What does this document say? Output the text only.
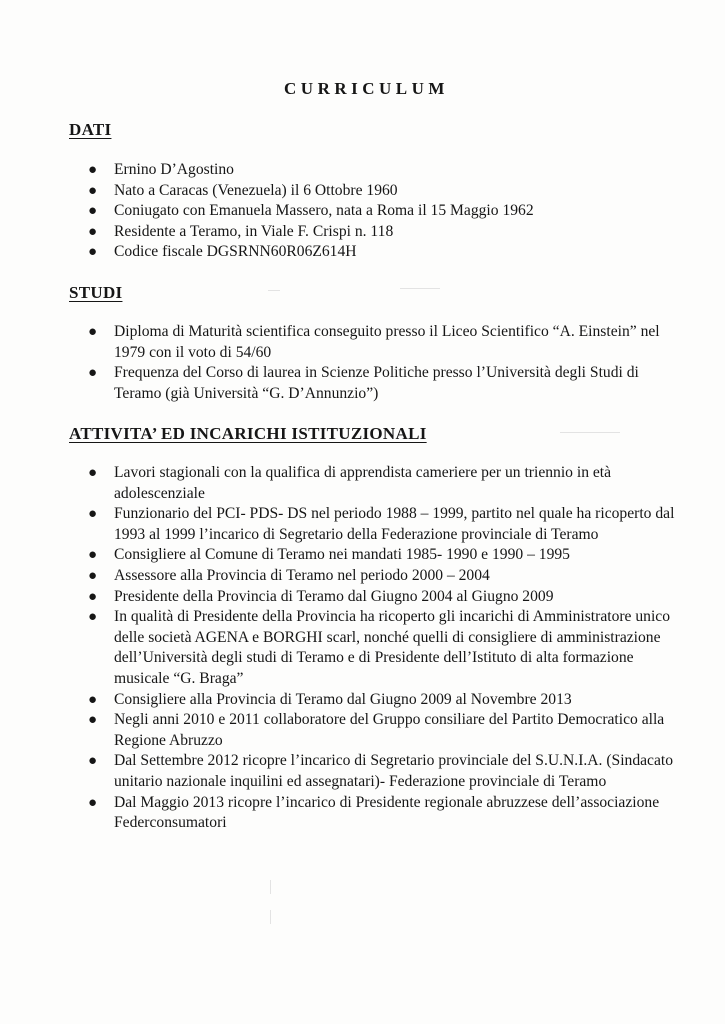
CURRICULUM
DATI
● Ernino D’Agostino
● Nato a Caracas (Venezuela) il 6 Ottobre 1960
● Coniugato con Emanuela Massero, nata a Roma il 15 Maggio 1962
● Residente a Teramo, in Viale F. Crispi n. 118
● Codice fiscale DGSRNN60R06Z614H
STUDI
● Diploma di Maturità scientifica conseguito presso il Liceo Scientifico “A. Einstein” nel 1979 con il voto di 54/60
● Frequenza del Corso di laurea in Scienze Politiche presso l’Università degli Studi di Teramo (già Università “G. D’Annunzio”)
ATTIVITA’ ED INCARICHI ISTITUZIONALI
● Lavori stagionali con la qualifica di apprendista cameriere per un triennio in età adolescenziale
● Funzionario del PCI- PDS- DS nel periodo 1988 – 1999, partito nel quale ha ricoperto dal 1993 al 1999 l’incarico di Segretario della Federazione provinciale di Teramo
● Consigliere al Comune di Teramo nei mandati 1985- 1990 e 1990 – 1995
● Assessore alla Provincia di Teramo nel periodo 2000 – 2004
● Presidente della Provincia di Teramo dal Giugno 2004 al Giugno 2009
● In qualità di Presidente della Provincia ha ricoperto gli incarichi di Amministratore unico delle società AGENA e BORGHI scarl, nonché quelli di consigliere di amministrazione dell’Università degli studi di Teramo e di Presidente dell’Istituto di alta formazione musicale “G. Braga”
● Consigliere alla Provincia di Teramo dal Giugno 2009 al Novembre 2013
● Negli anni 2010 e 2011 collaboratore del Gruppo consiliare del Partito Democratico alla Regione Abruzzo
● Dal Settembre 2012 ricopre l’incarico di Segretario provinciale del S.U.N.I.A. (Sindacato unitario nazionale inquilini ed assegnatari)- Federazione provinciale di Teramo
● Dal Maggio 2013 ricopre l’incarico di Presidente regionale abruzzese dell’associazione Federconsumatori
